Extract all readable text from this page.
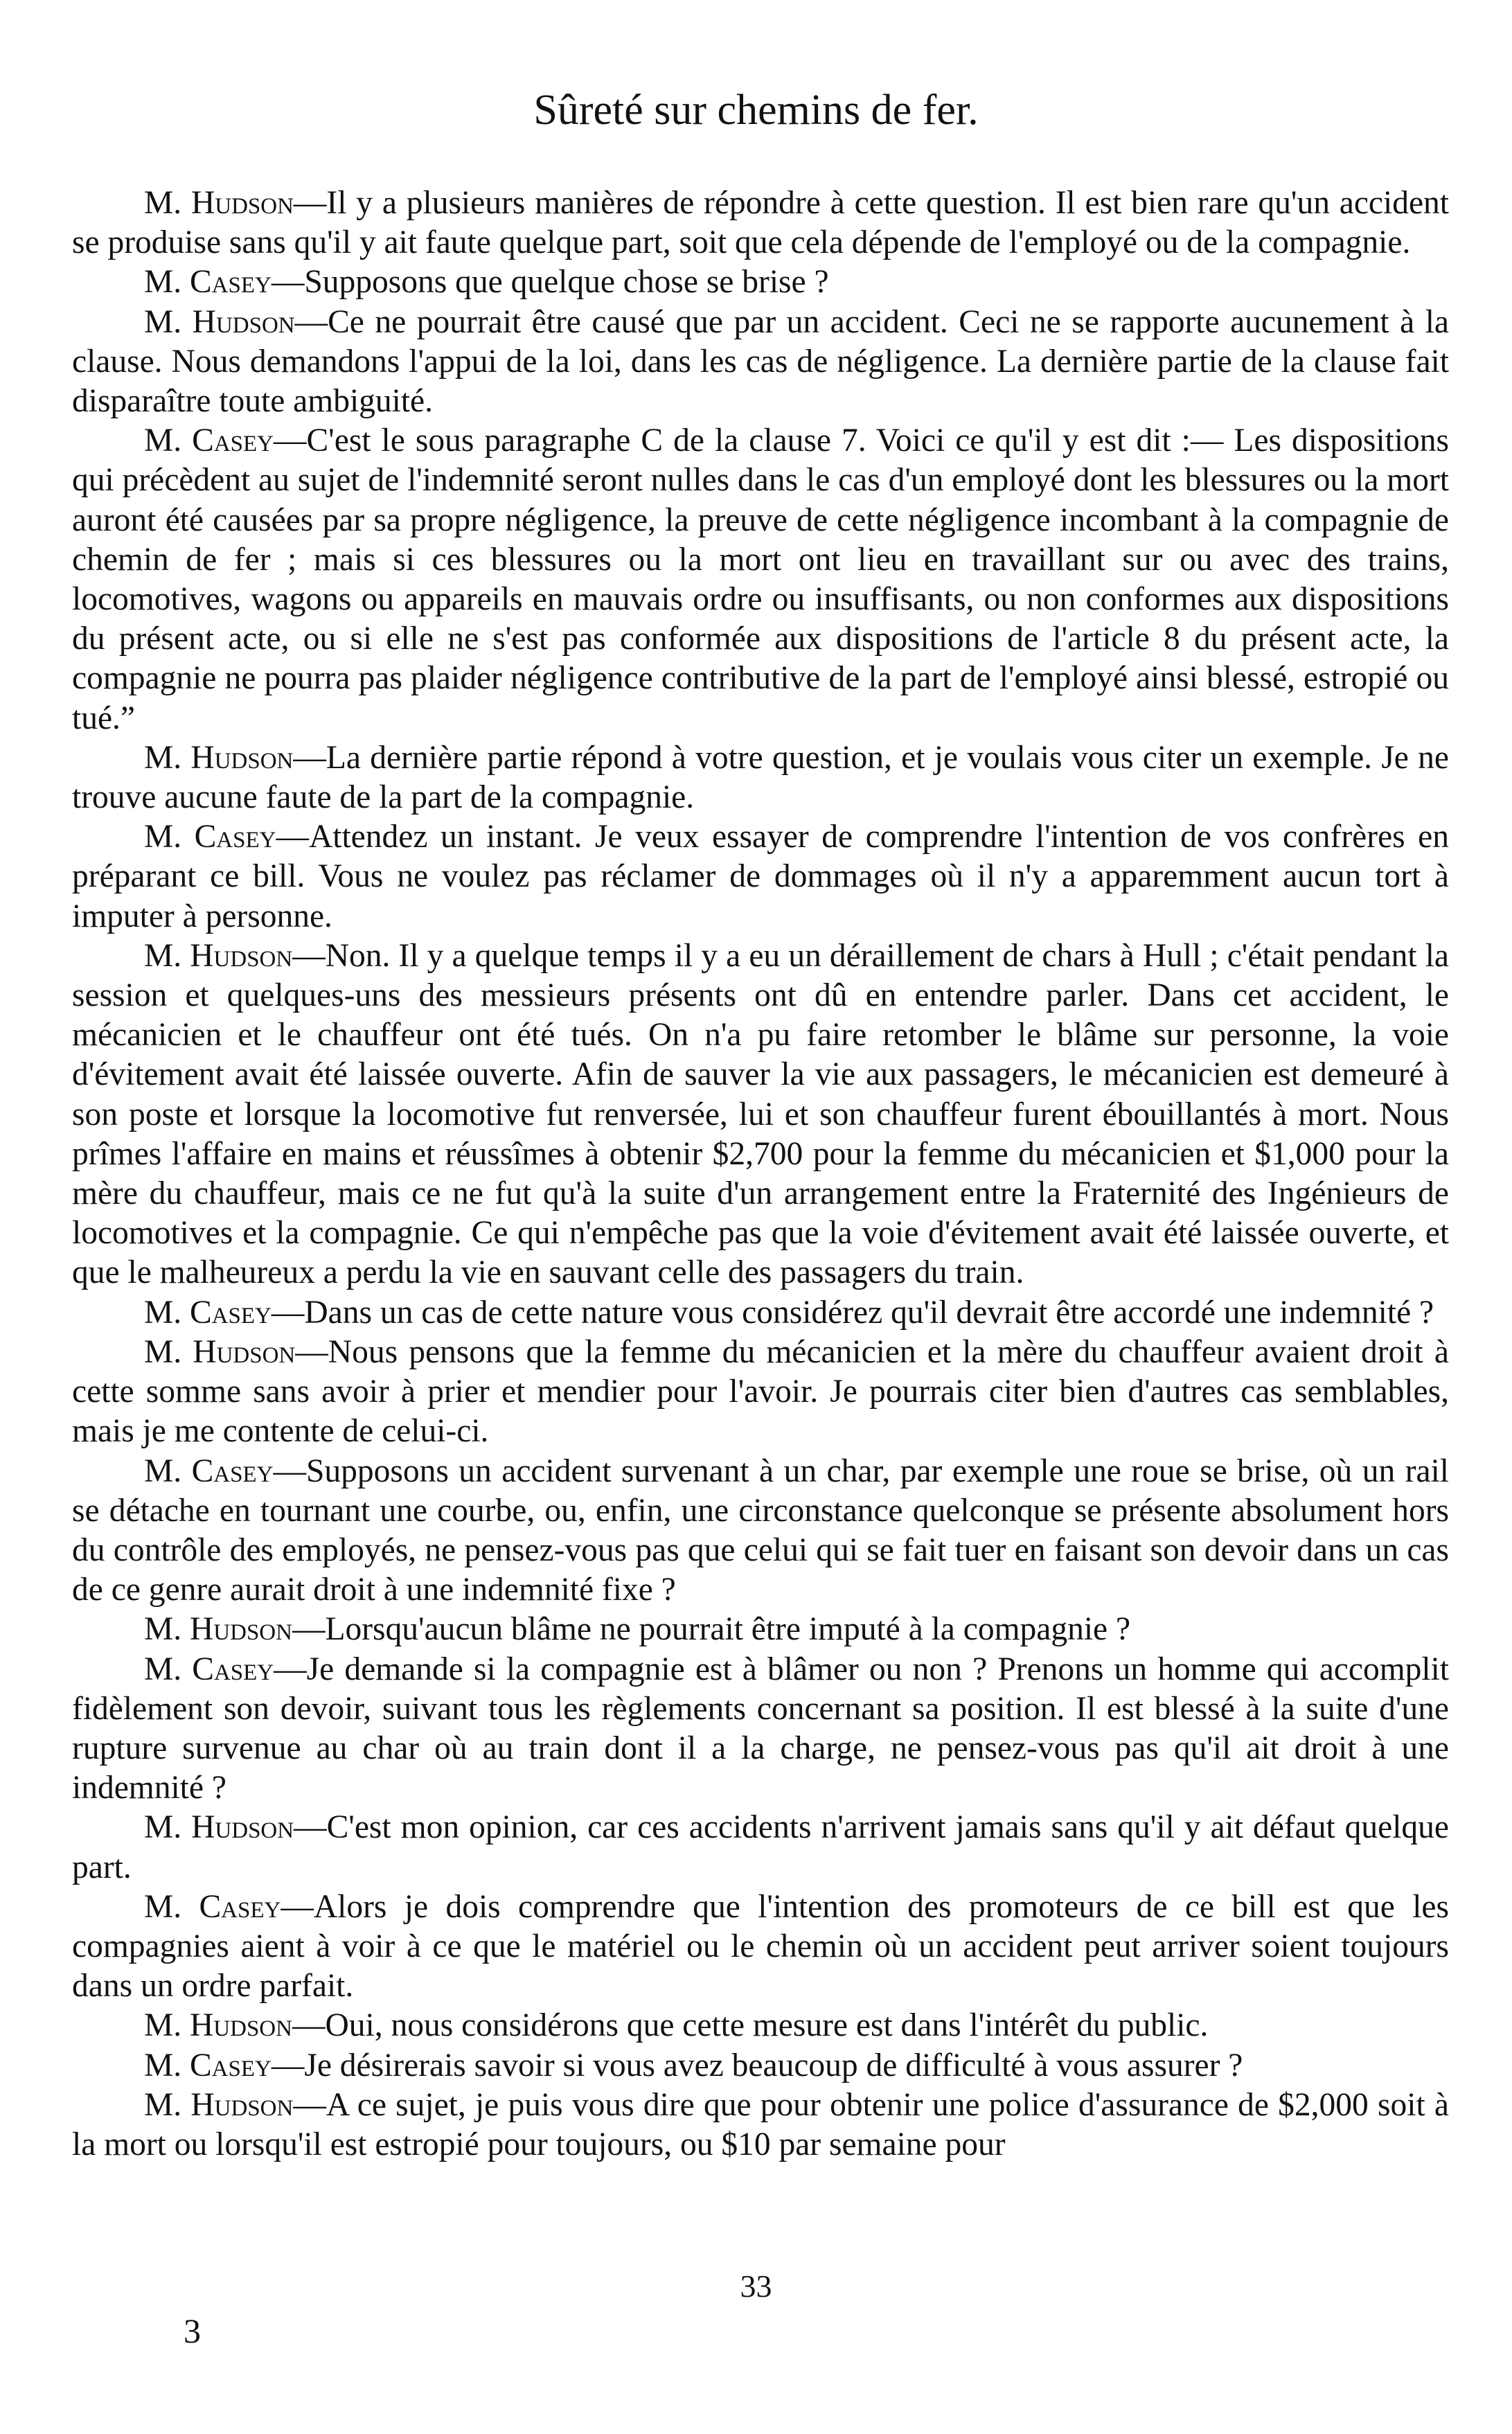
Sûreté sur chemins de fer.

M. Hudson—Il y a plusieurs manières de répondre à cette question. Il est bien rare qu'un accident se produise sans qu'il y ait faute quelque part, soit que cela dépende de l'employé ou de la compagnie.

M. Casey—Supposons que quelque chose se brise ?

M. Hudson—Ce ne pourrait être causé que par un accident. Ceci ne se rapporte aucunement à la clause. Nous demandons l'appui de la loi, dans les cas de négligence. La dernière partie de la clause fait disparaître toute ambiguité.

M. Casey—C'est le sous paragraphe C de la clause 7. Voici ce qu'il y est dit :— Les dispositions qui précèdent au sujet de l'indemnité seront nulles dans le cas d'un employé dont les blessures ou la mort auront été causées par sa propre négligence, la preuve de cette négligence incombant à la compagnie de chemin de fer ; mais si ces blessures ou la mort ont lieu en travaillant sur ou avec des trains, locomotives, wagons ou appareils en mauvais ordre ou insuffisants, ou non conformes aux dispositions du présent acte, ou si elle ne s'est pas conformée aux dispositions de l'article 8 du présent acte, la compagnie ne pourra pas plaider négligence contributive de la part de l'employé ainsi blessé, estropié ou tué.”

M. Hudson—La dernière partie répond à votre question, et je voulais vous citer un exemple. Je ne trouve aucune faute de la part de la compagnie.

M. Casey—Attendez un instant. Je veux essayer de comprendre l'intention de vos confrères en préparant ce bill. Vous ne voulez pas réclamer de dommages où il n'y a apparemment aucun tort à imputer à personne.

M. Hudson—Non. Il y a quelque temps il y a eu un déraillement de chars à Hull ; c'était pendant la session et quelques-uns des messieurs présents ont dû en entendre parler. Dans cet accident, le mécanicien et le chauffeur ont été tués. On n'a pu faire retomber le blâme sur personne, la voie d'évitement avait été laissée ouverte. Afin de sauver la vie aux passagers, le mécanicien est demeuré à son poste et lorsque la locomotive fut renversée, lui et son chauffeur furent ébouillantés à mort. Nous prîmes l'affaire en mains et réussîmes à obtenir $2,700 pour la femme du mécanicien et $1,000 pour la mère du chauffeur, mais ce ne fut qu'à la suite d'un arrangement entre la Fraternité des Ingénieurs de locomotives et la compagnie. Ce qui n'empêche pas que la voie d'évitement avait été laissée ouverte, et que le malheureux a perdu la vie en sauvant celle des passagers du train.

M. Casey—Dans un cas de cette nature vous considérez qu'il devrait être accordé une indemnité ?

M. Hudson—Nous pensons que la femme du mécanicien et la mère du chauffeur avaient droit à cette somme sans avoir à prier et mendier pour l'avoir. Je pourrais citer bien d'autres cas semblables, mais je me contente de celui-ci.

M. Casey—Supposons un accident survenant à un char, par exemple une roue se brise, où un rail se détache en tournant une courbe, ou, enfin, une circonstance quelconque se présente absolument hors du contrôle des employés, ne pensez-vous pas que celui qui se fait tuer en faisant son devoir dans un cas de ce genre aurait droit à une indemnité fixe ?

M. Hudson—Lorsqu'aucun blâme ne pourrait être imputé à la compagnie ?

M. Casey—Je demande si la compagnie est à blâmer ou non ? Prenons un homme qui accomplit fidèlement son devoir, suivant tous les règlements concernant sa position. Il est blessé à la suite d'une rupture survenue au char où au train dont il a la charge, ne pensez-vous pas qu'il ait droit à une indemnité ?

M. Hudson—C'est mon opinion, car ces accidents n'arrivent jamais sans qu'il y ait défaut quelque part.

M. Casey—Alors je dois comprendre que l'intention des promoteurs de ce bill est que les compagnies aient à voir à ce que le matériel ou le chemin où un accident peut arriver soient toujours dans un ordre parfait.

M. Hudson—Oui, nous considérons que cette mesure est dans l'intérêt du public.

M. Casey—Je désirerais savoir si vous avez beaucoup de difficulté à vous assurer ?

M. Hudson—A ce sujet, je puis vous dire que pour obtenir une police d'assurance de $2,000 soit à la mort ou lorsqu'il est estropié pour toujours, ou $10 par semaine pour

33
3
